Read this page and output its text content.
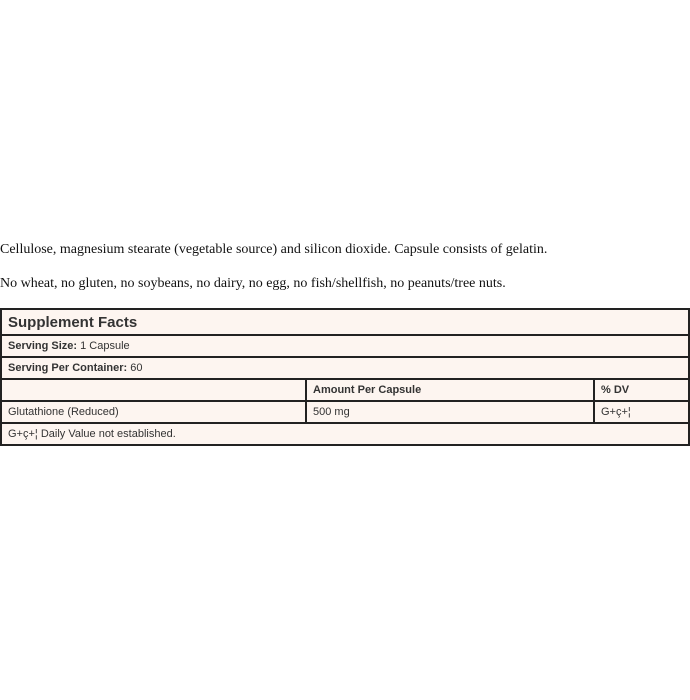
Cellulose, magnesium stearate (vegetable source) and silicon dioxide. Capsule consists of gelatin.
No wheat, no gluten, no soybeans, no dairy, no egg, no fish/shellfish, no peanuts/tree nuts.
Supplement Facts		
Serving Size: 1 Capsule		
Serving Per Container: 60		
	Amount Per Capsule	% DV
Glutathione (Reduced)	500 mg	G+ç+¦
G+ç+¦ Daily Value not established.		
